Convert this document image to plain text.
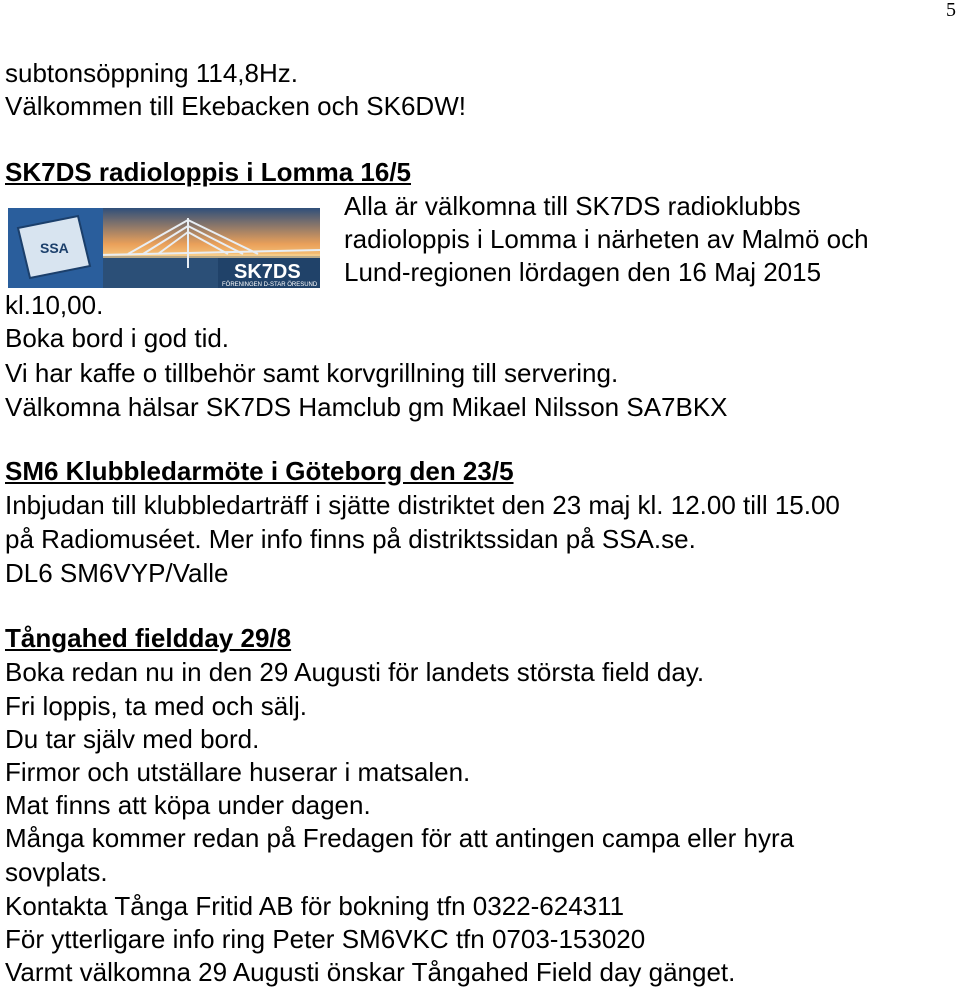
5
subtonsöppning 114,8Hz.
Välkommen till Ekebacken och SK6DW!
SK7DS radioloppis i Lomma 16/5
SSA
SK7DS
FÖRENINGEN D-STAR ÖRESUND
Alla är välkomna till SK7DS radioklubbs
radioloppis i Lomma i närheten av Malmö och
Lund-regionen lördagen den 16 Maj 2015
kl.10,00.
Boka bord i god tid.
Vi har kaffe o tillbehör samt korvgrillning till servering.
Välkomna hälsar SK7DS Hamclub gm Mikael Nilsson SA7BKX
SM6 Klubbledarmöte i Göteborg den 23/5
Inbjudan till klubbledarträff i sjätte distriktet den 23 maj kl. 12.00 till 15.00
på Radiomuséet. Mer info finns på distriktssidan på SSA.se.
DL6 SM6VYP/Valle
Tångahed fieldday 29/8
Boka redan nu in den 29 Augusti för landets största field day.
Fri loppis, ta med och sälj.
Du tar själv med bord.
Firmor och utställare huserar i matsalen.
Mat finns att köpa under dagen.
Många kommer redan på Fredagen för att antingen campa eller hyra
sovplats.
Kontakta Tånga Fritid AB för bokning tfn 0322-624311
För ytterligare info ring Peter SM6VKC tfn 0703-153020
Varmt välkomna 29 Augusti önskar Tångahed Field day gänget.
